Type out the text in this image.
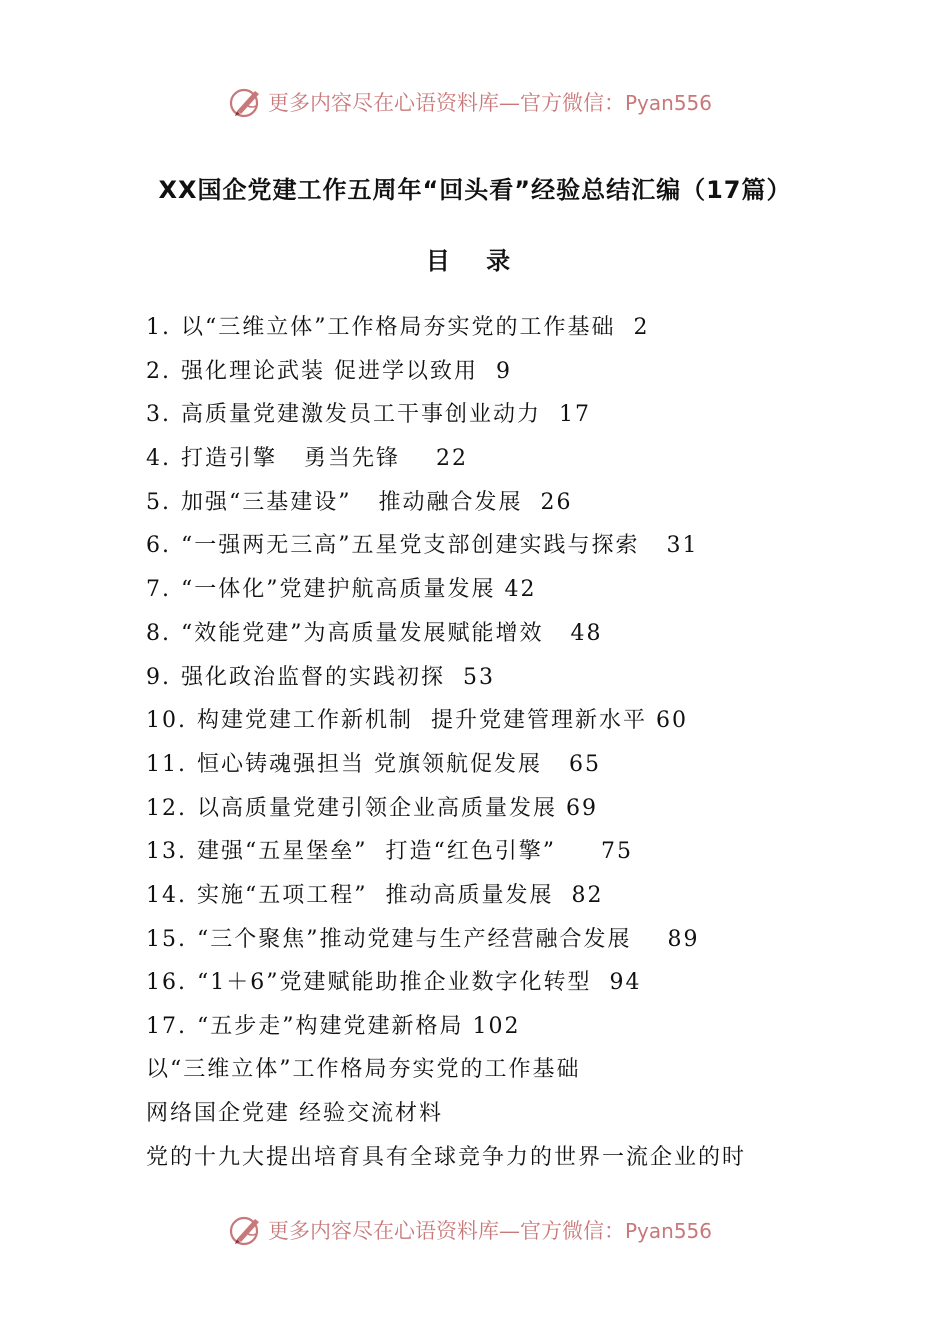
更多内容尽在心语资料库—官方微信：Pyan556
XX国企党建工作五周年“回头看”经验总结汇编（17篇）
目 录
1. 以“三维立体”工作格局夯实党的工作基础  2
2. 强化理论武装 促进学以致用  9
3. 高质量党建激发员工干事创业动力  17
4. 打造引擎   勇当先锋    22
5. 加强“三基建设”   推动融合发展  26
6. “一强两无三高”五星党支部创建实践与探索   31
7. “一体化”党建护航高质量发展 42
8. “效能党建”为高质量发展赋能增效   48
9. 强化政治监督的实践初探  53
10. 构建党建工作新机制  提升党建管理新水平 60
11. 恒心铸魂强担当 党旗领航促发展   65
12. 以高质量党建引领企业高质量发展 69
13. 建强“五星堡垒”  打造“红色引擎”     75
14. 实施“五项工程”  推动高质量发展  82
15. “三个聚焦”推动党建与生产经营融合发展    89
16. “1＋6”党建赋能助推企业数字化转型  94
17. “五步走”构建党建新格局 102
以“三维立体”工作格局夯实党的工作基础
网络国企党建 经验交流材料
党的十九大提出培育具有全球竞争力的世界一流企业的时
更多内容尽在心语资料库—官方微信：Pyan556
